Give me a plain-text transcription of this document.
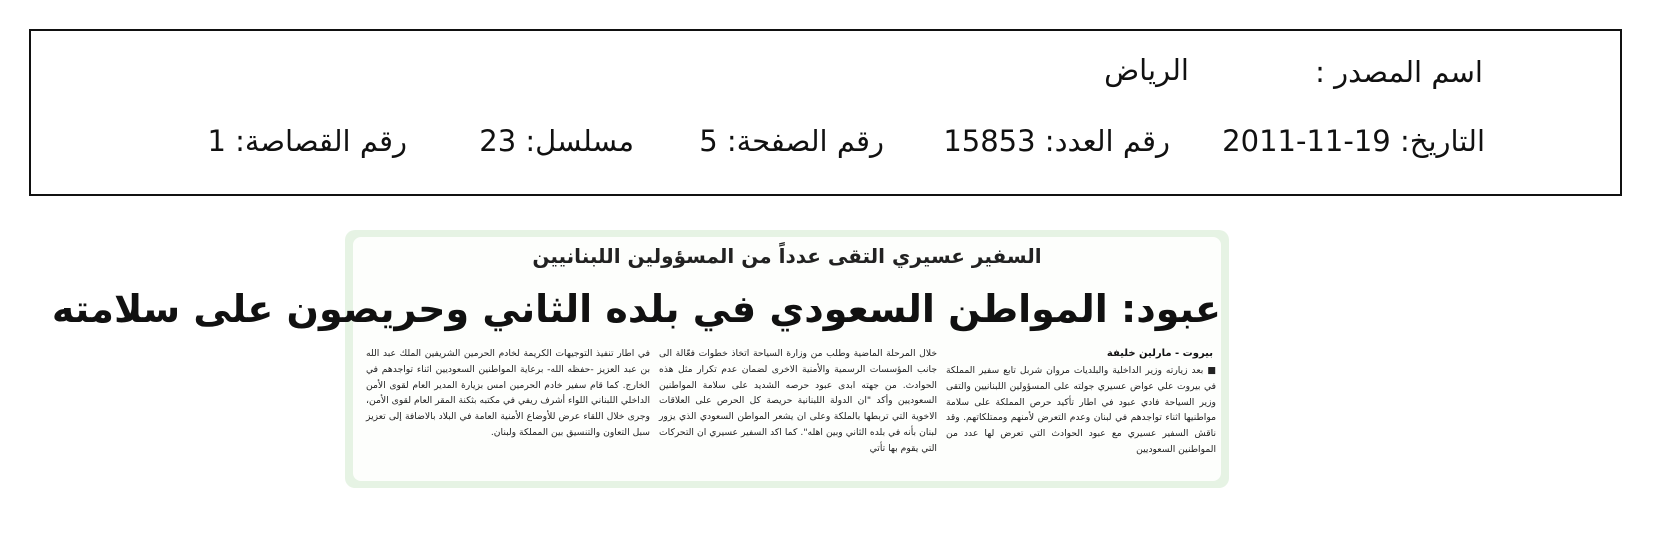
اسم المصدر :
الرياض
التاريخ: 19-11-2011
رقم العدد: 15853
رقم الصفحة: 5
مسلسل: 23
رقم القصاصة: 1
السفير عسيري التقى عدداً من المسؤولين اللبنانيين
عبود: المواطن السعودي في بلده الثاني وحريصون على سلامته
بيروت - مارلين خليفة
■ بعد زيارته وزير الداخلية والبلديات مروان شربل تابع سفير المملكة في بيروت علي عواض عسيري جولته على المسؤولين اللبنانيين والتقى وزير السياحة فادي عبود في اطار تأكيد حرص المملكة على سلامة مواطنيها اثناء تواجدهم في لبنان وعدم التعرض لأمنهم وممتلكاتهم. وقد ناقش السفير عسيري مع عبود الحوادث التي تعرض لها عدد من المواطنين السعوديين
خلال المرحلة الماضية وطلب من وزارة السياحة اتخاذ خطوات فعّالة الى جانب المؤسسات الرسمية والأمنية الاخرى لضمان عدم تكرار مثل هذه الحوادث. من جهته ابدى عبود حرصه الشديد على سلامة المواطنين السعوديين وأكد "ان الدولة اللبنانية حريصة كل الحرص على العلاقات الاخوية التي تربطها بالملكة وعلى ان يشعر المواطن السعودي الذي يزور لبنان بأنه في بلده الثاني وبين اهله". كما اكد السفير عسيري ان التحركات التي يقوم بها تأتي
في اطار تنفيذ التوجيهات الكريمة لخادم الحرمين الشريفين الملك عبد الله بن عبد العزيز -حفظه الله- برعاية المواطنين السعوديين اثناء تواجدهم في الخارج. كما قام سفير خادم الحرمين امس بزيارة المدير العام لقوى الأمن الداخلي اللبناني اللواء أشرف ريفي في مكتبه بثكنة المقر العام لقوى الأمن، وجرى خلال اللقاء عرض للأوضاع الأمنية العامة في البلاد بالاضافة إلى تعزيز سبل التعاون والتنسيق بين المملكة ولبنان.
